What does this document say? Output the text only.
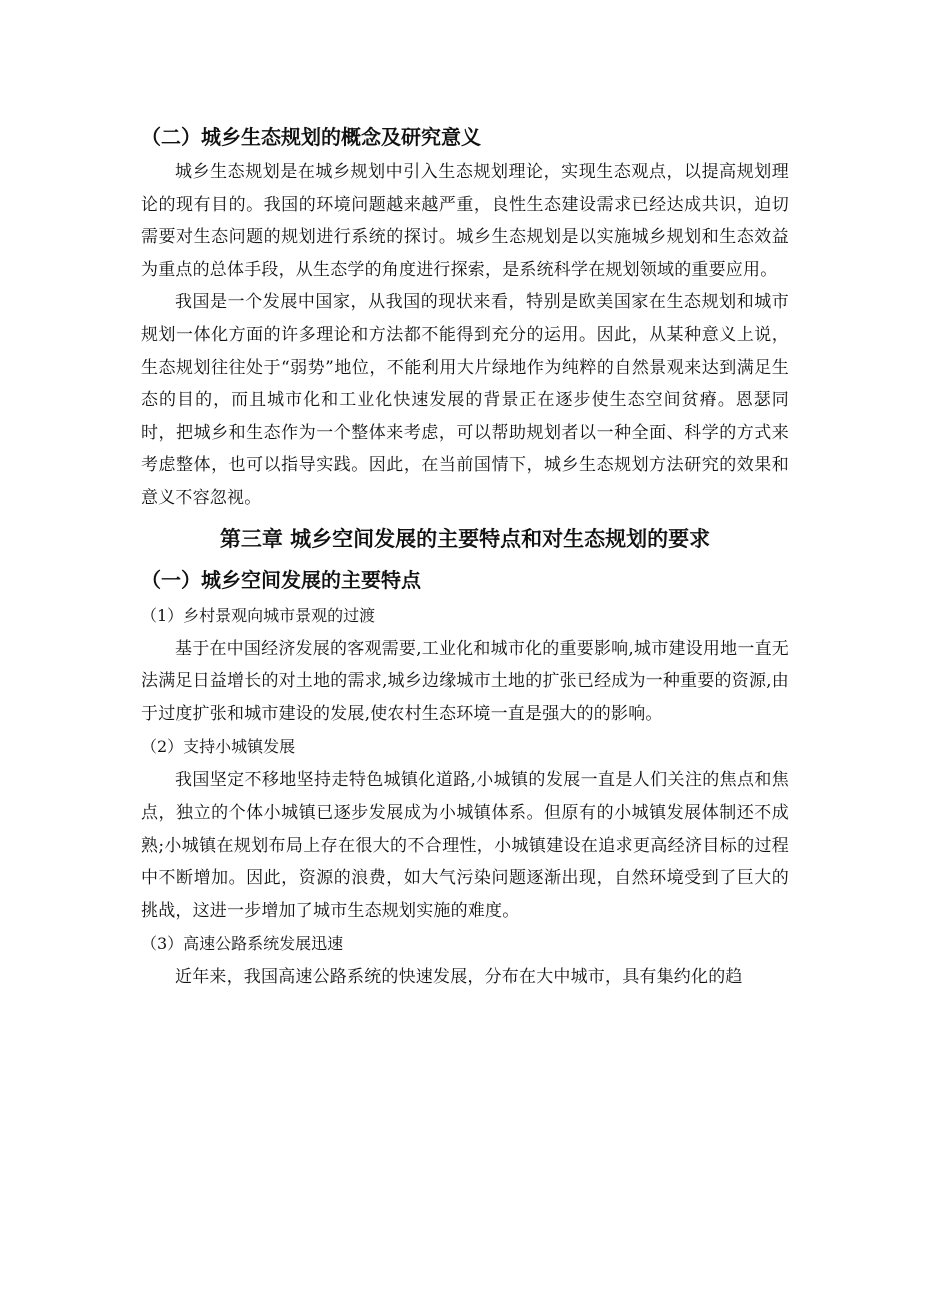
（二）城乡生态规划的概念及研究意义

城乡生态规划是在城乡规划中引入生态规划理论，实现生态观点，以提高规划理论的现有目的。我国的环境问题越来越严重，良性生态建设需求已经达成共识，迫切需要对生态问题的规划进行系统的探讨。城乡生态规划是以实施城乡规划和生态效益为重点的总体手段，从生态学的角度进行探索，是系统科学在规划领域的重要应用。

我国是一个发展中国家，从我国的现状来看，特别是欧美国家在生态规划和城市规划一体化方面的许多理论和方法都不能得到充分的运用。因此，从某种意义上说，生态规划往往处于“弱势”地位，不能利用大片绿地作为纯粹的自然景观来达到满足生态的目的，而且城市化和工业化快速发展的背景正在逐步使生态空间贫瘠。恩瑟同时，把城乡和生态作为一个整体来考虑，可以帮助规划者以一种全面、科学的方式来考虑整体，也可以指导实践。因此，在当前国情下，城乡生态规划方法研究的效果和意义不容忽视。

第三章 城乡空间发展的主要特点和对生态规划的要求
（一）城乡空间发展的主要特点
（1）乡村景观向城市景观的过渡

基于在中国经济发展的客观需要,工业化和城市化的重要影响,城市建设用地一直无法满足日益增长的对土地的需求,城乡边缘城市土地的扩张已经成为一种重要的资源,由于过度扩张和城市建设的发展,使农村生态环境一直是强大的的影响。

（2）支持小城镇发展

我国坚定不移地坚持走特色城镇化道路,小城镇的发展一直是人们关注的焦点和焦点，独立的个体小城镇已逐步发展成为小城镇体系。但原有的小城镇发展体制还不成熟;小城镇在规划布局上存在很大的不合理性，小城镇建设在追求更高经济目标的过程中不断增加。因此，资源的浪费，如大气污染问题逐渐出现，自然环境受到了巨大的挑战，这进一步增加了城市生态规划实施的难度。

（3）高速公路系统发展迅速

近年来，我国高速公路系统的快速发展，分布在大中城市，具有集约化的趋
